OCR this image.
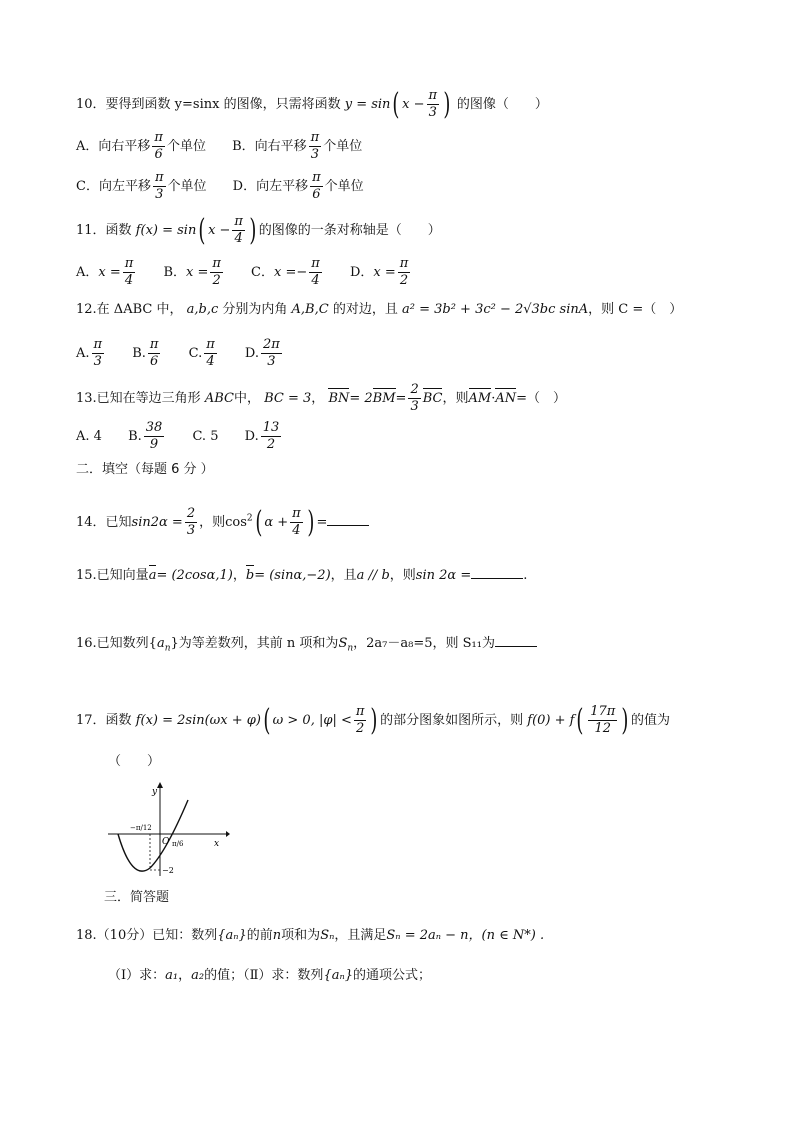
10．要得到函数 y=sinx 的图像，只需将函数 y = sin( $x - \frac{\pi}{3}$ ) 的图像（　　）
A．向右平移 $\frac{\pi}{6}$ 个单位 B．向右平移 $\frac{\pi}{3}$ 个单位
C．向左平移 $\frac{\pi}{3}$ 个单位 D．向左平移 $\frac{\pi}{6}$ 个单位
11．函数 f(x) = sin( $x - \frac{\pi}{4}$ ) 的图像的一条对称轴是（　　）
A．$x = \frac{\pi}{4}$ B．$x = \frac{\pi}{2}$ C．$x =- \frac{\pi}{4}$ D．$x = \frac{\pi}{2}$
12.在 ΔABC 中， a,b,c 分别为内角 A,B,C 的对边，且 a² = 3b² + 3c² − 2√3bc sinA，则 C =（　）
A. $\frac{\pi}{3} B$. $\frac{\pi}{6} C$. $\frac{\pi}{4} D$. $\frac{2\pi}{3}$
13.已知在等边三角形 ABC中， BC = 3， $BN= 2BM= \frac{2}{3}$ BC，则AM·AN=（　）
A. 4 B. $\frac{38}{9} C$. 5 D. $\frac{13}{2}$
二．填空（每题 6 分 ）
14．已知$\sin 2\alpha = \frac{2}{3}$ ，则$\cos^2$( $\alpha + \frac{\pi}{4}$ ) =
15.已知向量a= (2cosα,1)，b= (sinα,−2)，且a // b，则sin 2α =	.
16.已知数列$\{a_n\}$为等差数列，其前 n 项和为$S_n$，2a₇－a₈=5，则 S₁₁为
17．函数 f(x) = 2sin(ωx + φ)( ω > 0, $|\varphi| < \frac{\pi}{2}$ ) 的部分图象如图所示，则 $f(0) + f( \frac{17\pi}{12}$ ) 的值为
（　　）
y
x
O
−π/12
π/6
−2
三．简答题
18.（10分）已知：数列{aₙ}的前n项和为Sₙ，且满足Sₙ = 2aₙ − n，(n ∈ N*) .
（Ⅰ）求：a₁，a₂的值；（Ⅱ）求：数列{aₙ}的通项公式；
